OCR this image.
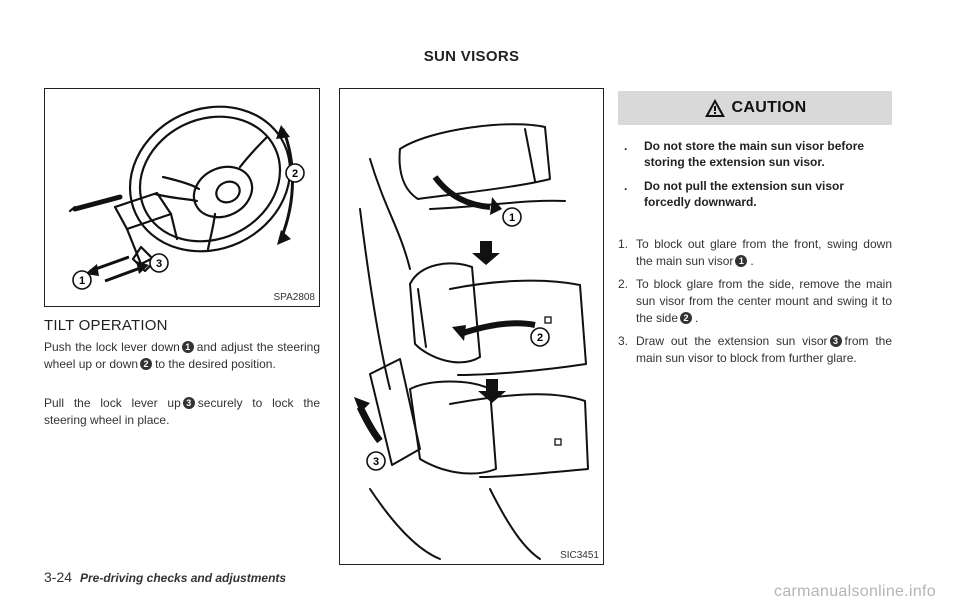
SUN VISORS
1
2
3
SPA2808
TILT OPERATION
Push the lock lever down 1 and adjust the steering wheel up or down 2 to the desired position.
Pull the lock lever up 3 securely to lock the steering wheel in place.
1
2
3
SIC3451
CAUTION
.	Do not store the main sun visor before storing the extension sun visor.
.	Do not pull the extension sun visor forcedly downward.
1. To block out glare from the front, swing down the main sun visor 1 .
2. To block glare from the side, remove the main sun visor from the center mount and swing it to the side 2 .
3. Draw out the extension sun visor 3 from the main sun visor to block from further glare.
3-24 Pre-driving checks and adjustments
carmanualsonline.info
